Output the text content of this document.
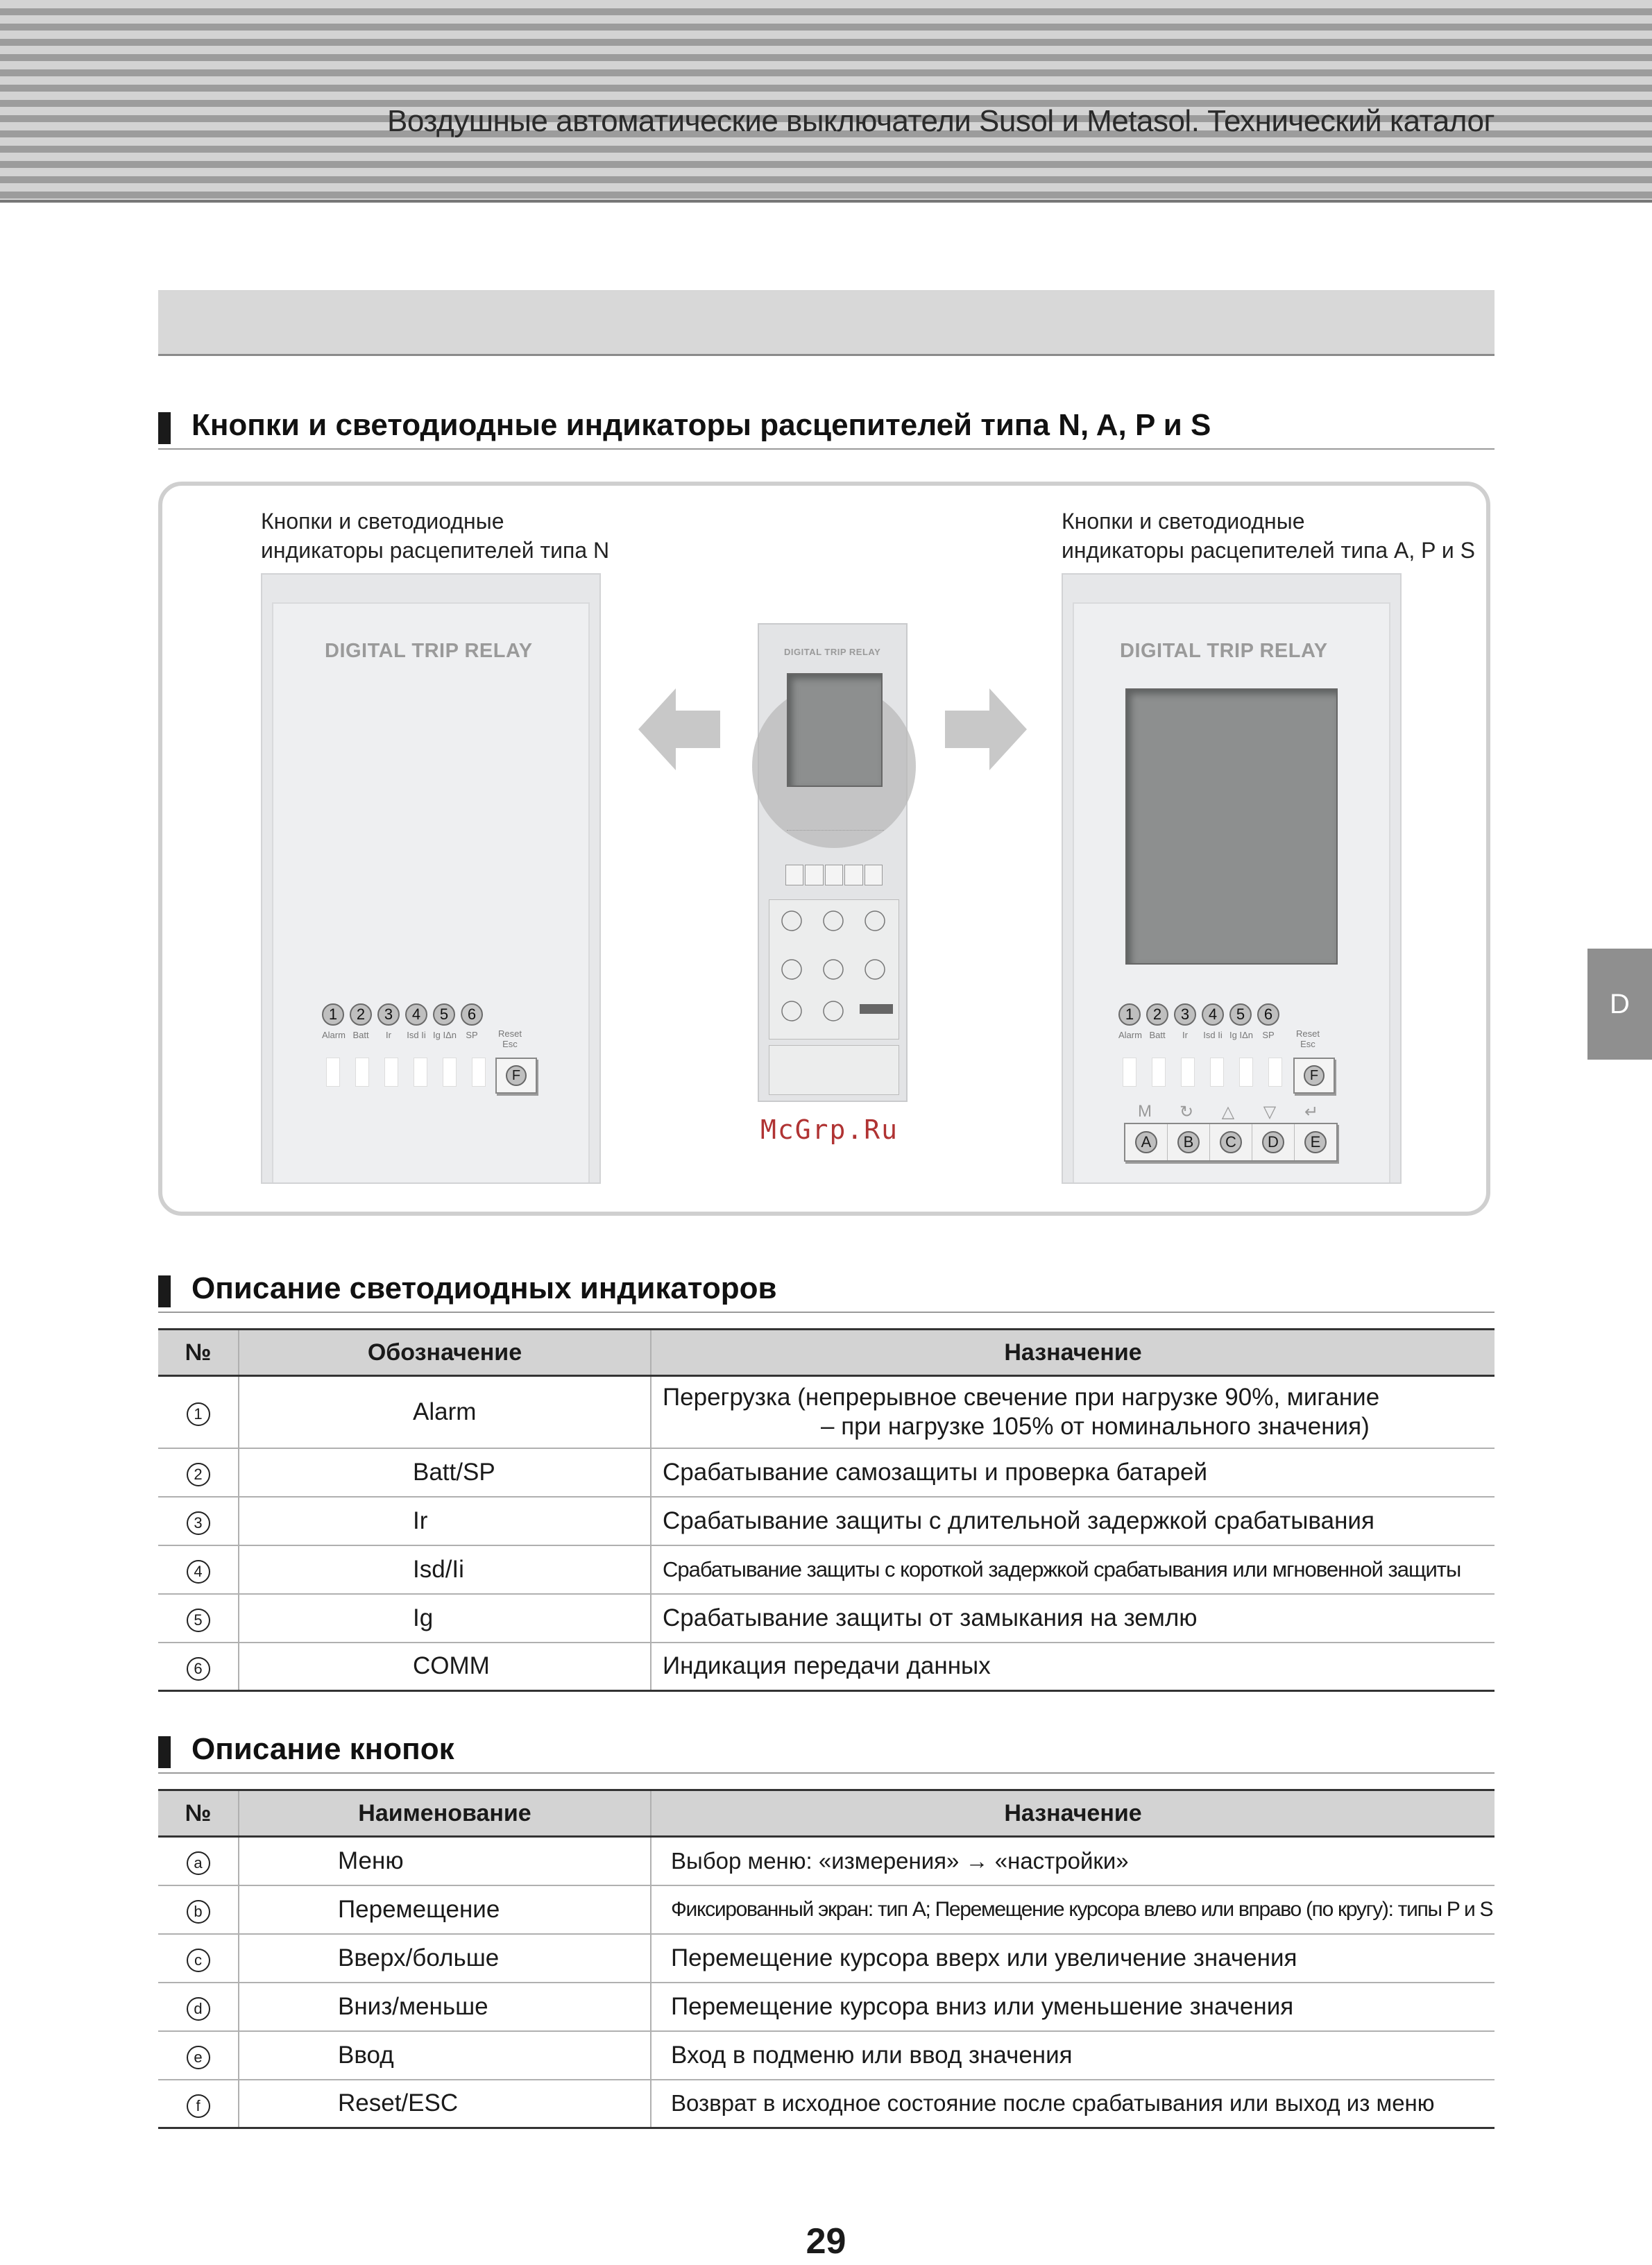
Воздушные автоматические выключатели Susol и Metasol. Технический каталог
D
Кнопки и светодиодные индикаторы расцепителей типа N, A, P и S
Кнопки и светодиодные
индикаторы расцепителей типа N
Кнопки и светодиодные
индикаторы расцепителей типа A, P и S
DIGITAL TRIP RELAY
1	2	3	4	5	6
Alarm Batt	Ir	Isd Ii Ig IΔn	SP	Reset
Esc
F
DIGITAL TRIP RELAY	DIGITAL TRIP RELAY
1	2	3	4	5	6
Alarm Batt	Ir	Isd Ii Ig IΔn	SP	Reset
Esc
F
M	↻	△	▽	↵
A	B	C	D	E
McGrp.Ru
Описание светодиодных индикаторов
№	Обозначение	Назначение
1	Alarm	Перегрузка (непрерывное свечение при нагрузке 90%, мигание
– при нагрузке 105% от номинального значения)

2	Batt/SP	Срабатывание самозащиты и проверка батарей
3	Ir	Срабатывание защиты с длительной задержкой срабатывания
4	Isd/Ii	Срабатывание защиты с короткой задержкой срабатывания или мгновенной защиты
5	Ig	Срабатывание защиты от замыкания на землю
6	COMM	Индикация передачи данных
Описание кнопок
№	Наименование	Назначение
a	Меню	Выбор меню: «измерения» → «настройки»
b	Перемещение	Фиксированный экран: тип A; Перемещение курсора влево или вправо (по кругу): типы P и S
c	Вверх/больше	Перемещение курсора вверх или увеличение значения
d	Вниз/меньше	Перемещение курсора вниз или уменьшение значения
e	Ввод	Вход в подменю или ввод значения
f	Reset/ESC	Возврат в исходное состояние после срабатывания или выход из меню
29
